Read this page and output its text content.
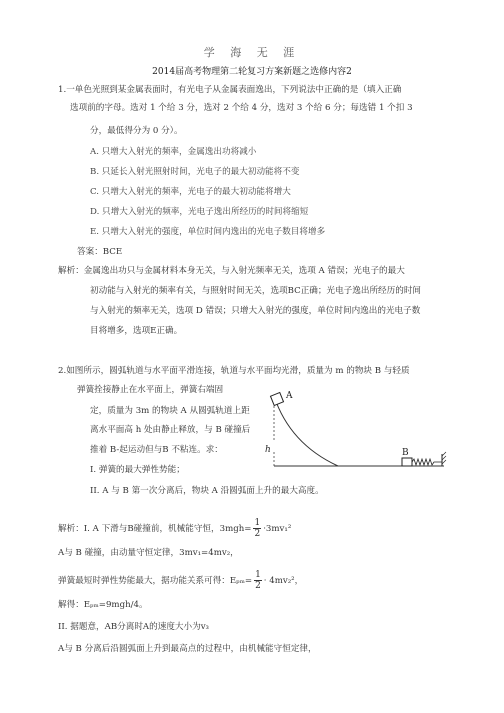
学 海 无 涯
2014届高考物理第二轮复习方案新题之选修内容2
1.一单色光照到某金属表面时，有光电子从金属表面逸出，下列说法中正确的是（填入正确
选项前的字母。选对 1 个给 3 分，选对 2 个给 4 分，选对 3 个给 6 分；每选错 1 个扣 3
分，最低得分为 0 分）。
A. 只增大入射光的频率，金属逸出功将减小
B. 只延长入射光照射时间，光电子的最大初动能将不变
C. 只增大入射光的频率，光电子的最大初动能将增大
D. 只增大入射光的频率，光电子逸出所经历的时间将缩短
E. 只增大入射光的强度，单位时间内逸出的光电子数目将增多
答案：BCE
解析：金属逸出功只与金属材料本身无关，与入射光频率无关，选项 A 错误；光电子的最大
初动能与入射光的频率有关，与照射时间无关，选项BC正确；光电子逸出所经历的时间
与入射光的频率无关，选项 D 错误；只增大入射光的强度，单位时间内逸出的光电子数
目将增多，选项E正确。
2.如图所示，圆弧轨道与水平面平滑连接，轨道与水平面均光滑，质量为 m 的物块 B 与轻质
弹簧拴接静止在水平面上，弹簧右端固
定，质量为 3m 的物块 A 从圆弧轨道上距
离水平面高 h 处由静止释放，与 B 碰撞后
推着 B-起运动但与B 不粘连。求：
I. 弹簧的最大弹性势能；
II. A 与 B 第一次分离后，物块 A 沿圆弧面上升的最大高度。
A
h	B
解析：I. A 下滑与B碰撞前，机械能守恒，$3mgh= \frac{1}{2} \cdot 3mv_1^2$
A与 B 碰撞，由动量守恒定律，3mv₁=4mv₂，
弹簧最短时弹性势能最大，据功能关系可得：$E_{pm}= \frac{1}{2} \cdot 4mv_2^2$，
解得：Eₚₘ=9mgh/4。
II. 据题意，AB分离时A的速度大小为v₃
A与 B 分离后沿圆弧面上升到最高点的过程中，由机械能守恒定律，
